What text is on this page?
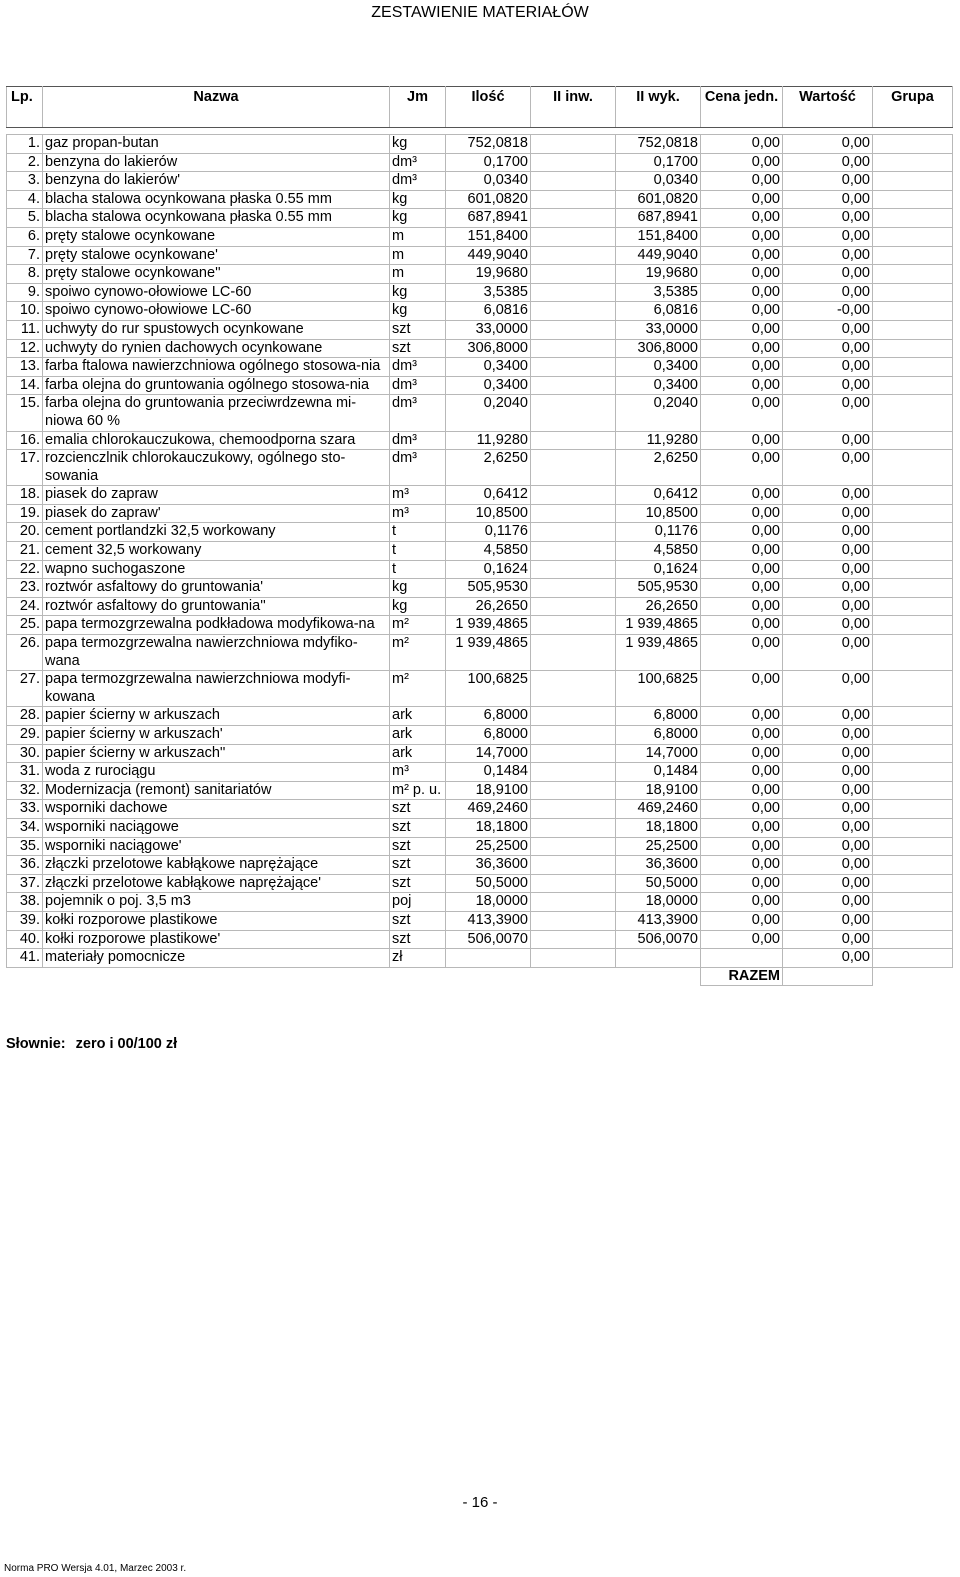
ZESTAWIENIE MATERIAŁÓW
Lp.	Nazwa	Jm	Ilość	II inw.	II wyk.	Cena jedn.	Wartość	Grupa

1.	gaz propan-butan	kg	752,0818		752,0818	0,00	0,00	
2.	benzyna do lakierów	dm³	0,1700		0,1700	0,00	0,00	
3.	benzyna do lakierów'	dm³	0,0340		0,0340	0,00	0,00	
4.	blacha stalowa ocynkowana płaska 0.55 mm	kg	601,0820		601,0820	0,00	0,00	
5.	blacha stalowa ocynkowana płaska 0.55 mm	kg	687,8941		687,8941	0,00	0,00	
6.	pręty stalowe ocynkowane	m	151,8400		151,8400	0,00	0,00	
7.	pręty stalowe ocynkowane'	m	449,9040		449,9040	0,00	0,00	
8.	pręty stalowe ocynkowane''	m	19,9680		19,9680	0,00	0,00	
9.	spoiwo cynowo-ołowiowe LC-60	kg	3,5385		3,5385	0,00	0,00	
10.	spoiwo cynowo-ołowiowe LC-60	kg	6,0816		6,0816	0,00	-0,00	
11.	uchwyty do rur spustowych ocynkowane	szt	33,0000		33,0000	0,00	0,00	
12.	uchwyty do rynien dachowych ocynkowane	szt	306,8000		306,8000	0,00	0,00	
13.	farba ftalowa nawierzchniowa ogólnego stosowa-nia	dm³	0,3400		0,3400	0,00	0,00	
14.	farba olejna do gruntowania ogólnego stosowa-nia	dm³	0,3400		0,3400	0,00	0,00	
15.	farba olejna do gruntowania przeciwrdzewna mi-niowa 60 %	dm³	0,2040		0,2040	0,00	0,00	
16.	emalia chlorokauczukowa, chemoodporna szara	dm³	11,9280		11,9280	0,00	0,00	
17.	rozcienczlnik chlorokauczukowy, ogólnego sto-sowania	dm³	2,6250		2,6250	0,00	0,00	
18.	piasek do zapraw	m³	0,6412		0,6412	0,00	0,00	
19.	piasek do zapraw'	m³	10,8500		10,8500	0,00	0,00	
20.	cement portlandzki 32,5 workowany	t	0,1176		0,1176	0,00	0,00	
21.	cement 32,5 workowany	t	4,5850		4,5850	0,00	0,00	
22.	wapno suchogaszone	t	0,1624		0,1624	0,00	0,00	
23.	roztwór asfaltowy do gruntowania'	kg	505,9530		505,9530	0,00	0,00	
24.	roztwór asfaltowy do gruntowania''	kg	26,2650		26,2650	0,00	0,00	
25.	papa termozgrzewalna podkładowa modyfikowa-na	m²	1 939,4865		1 939,4865	0,00	0,00	
26.	papa termozgrzewalna nawierzchniowa mdyfiko-wana	m²	1 939,4865		1 939,4865	0,00	0,00	
27.	papa termozgrzewalna nawierzchniowa modyfi-kowana	m²	100,6825		100,6825	0,00	0,00	
28.	papier ścierny w arkuszach	ark	6,8000		6,8000	0,00	0,00	
29.	papier ścierny w arkuszach'	ark	6,8000		6,8000	0,00	0,00	
30.	papier ścierny w arkuszach''	ark	14,7000		14,7000	0,00	0,00	
31.	woda z rurociągu	m³	0,1484		0,1484	0,00	0,00	
32.	Modernizacja (remont) sanitariatów	m² p. u.	18,9100		18,9100	0,00	0,00	
33.	wsporniki dachowe	szt	469,2460		469,2460	0,00	0,00	
34.	wsporniki naciągowe	szt	18,1800		18,1800	0,00	0,00	
35.	wsporniki naciągowe'	szt	25,2500		25,2500	0,00	0,00	
36.	złączki przelotowe kabłąkowe naprężające	szt	36,3600		36,3600	0,00	0,00	
37.	złączki przelotowe kabłąkowe naprężające'	szt	50,5000		50,5000	0,00	0,00	
38.	pojemnik o poj. 3,5 m3	poj	18,0000		18,0000	0,00	0,00	
39.	kołki rozporowe plastikowe	szt	413,3900		413,3900	0,00	0,00	
40.	kołki rozporowe plastikowe'	szt	506,0070		506,0070	0,00	0,00	
41.	materiały pomocnicze	zł					0,00	
						RAZEM		
Słownie: zero i 00/100 zł
- 16 -
Norma PRO Wersja 4.01, Marzec 2003 r.
